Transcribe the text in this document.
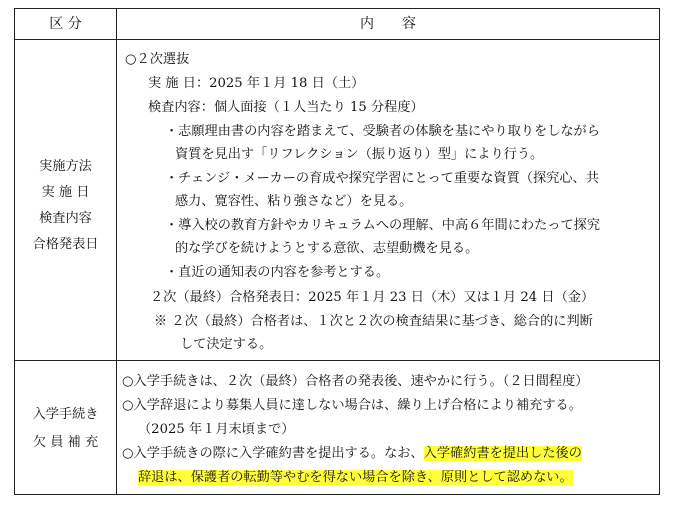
区 分	内　　容
実施方法
実 施 日
検査内容
合格発表日
○２次選抜
実 施 日：2025 年１月 18 日（土）
検査内容：個人面接（１人当たり 15 分程度）
・志願理由書の内容を踏まえて、受験者の体験を基にやり取りをしながら
資質を見出す「リフレクション（振り返り）型」により行う。
・チェンジ・メーカーの育成や探究学習にとって重要な資質（探究心、共
感力、寛容性、粘り強さなど）を見る。
・導入校の教育方針やカリキュラムへの理解、中高６年間にわたって探究
的な学びを続けようとする意欲、志望動機を見る。
・直近の通知表の内容を参考とする。
２次（最終）合格発表日：2025 年１月 23 日（木）又は１月 24 日（金）
※ ２次（最終）合格者は、１次と２次の検査結果に基づき、総合的に判断
して決定する。
入学手続き
欠 員 補 充
○入学手続きは、２次（最終）合格者の発表後、速やかに行う。（２日間程度）
○入学辞退により募集人員に達しない場合は、繰り上げ合格により補充する。
（2025 年１月末頃まで）
○入学手続きの際に入学確約書を提出する。なお、入学確約書を提出した後の
辞退は、保護者の転勤等やむを得ない場合を除き、原則として認めない。
